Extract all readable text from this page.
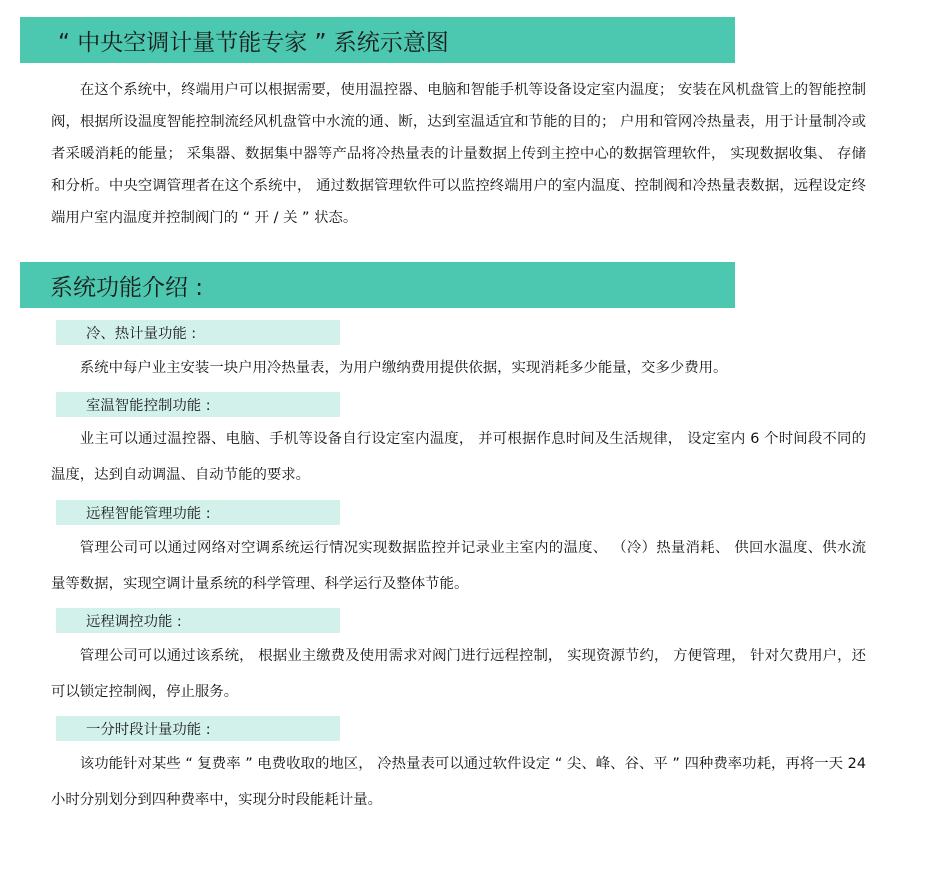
“ 中央空调计量节能专家 ” 系统示意图
在这个系统中，终端用户可以根据需要，使用温控器、电脑和智能手机等设备设定室内温度； 安装在风机盘管上的智能控制阀，根据所设温度智能控制流经风机盘管中水流的通、断，达到室温适宜和节能的目的； 户用和管网冷热量表，用于计量制冷或者采暖消耗的能量； 采集器、数据集中器等产品将冷热量表的计量数据上传到主控中心的数据管理软件， 实现数据收集、 存储和分析。中央空调管理者在这个系统中， 通过数据管理软件可以监控终端用户的室内温度、控制阀和冷热量表数据，远程设定终端用户室内温度并控制阀门的 “ 开 / 关 ” 状态。
系统功能介绍 :
冷、热计量功能 :
系统中每户业主安装一块户用冷热量表，为用户缴纳费用提供依据，实现消耗多少能量，交多少费用。
室温智能控制功能 :
业主可以通过温控器、电脑、手机等设备自行设定室内温度， 并可根据作息时间及生活规律， 设定室内 6 个时间段不同的温度，达到自动调温、自动节能的要求。
远程智能管理功能 :
管理公司可以通过网络对空调系统运行情况实现数据监控并记录业主室内的温度、 （冷）热量消耗、 供回水温度、供水流量等数据，实现空调计量系统的科学管理、科学运行及整体节能。
远程调控功能 :
管理公司可以通过该系统， 根据业主缴费及使用需求对阀门进行远程控制， 实现资源节约， 方便管理， 针对欠费用户，还可以锁定控制阀，停止服务。
一分时段计量功能 :
该功能针对某些 “ 复费率 ” 电费收取的地区， 冷热量表可以通过软件设定 “ 尖、峰、谷、平 ” 四种费率功耗，再将一天 24 小时分别划分到四种费率中，实现分时段能耗计量。
